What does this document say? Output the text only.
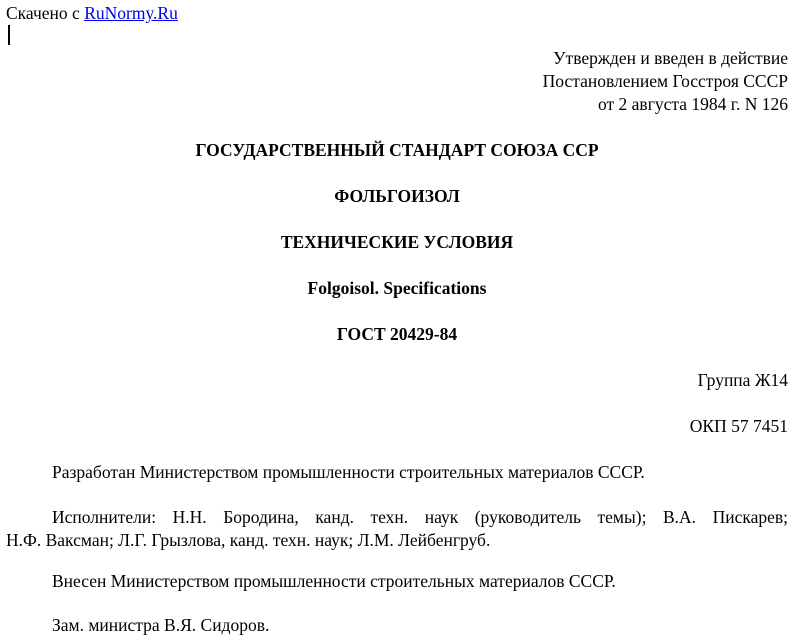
Скачено с RuNormy.Ru
Утвержден и введен в действие
Постановлением Госстроя СССР
от 2 августа 1984 г. N 126
ГОСУДАРСТВЕННЫЙ СТАНДАРТ СОЮЗА ССР
ФОЛЬГОИЗОЛ
ТЕХНИЧЕСКИЕ УСЛОВИЯ
Folgoisol. Specifications
ГОСТ 20429-84
Группа Ж14
ОКП 57 7451
Разработан Министерством промышленности строительных материалов СССР.
Исполнители: Н.Н. Бородина, канд. техн. наук (руководитель темы); В.А. Пискарев;
Н.Ф. Ваксман; Л.Г. Грызлова, канд. техн. наук; Л.М. Лейбенгруб.
Внесен Министерством промышленности строительных материалов СССР.
Зам. министра В.Я. Сидоров.
